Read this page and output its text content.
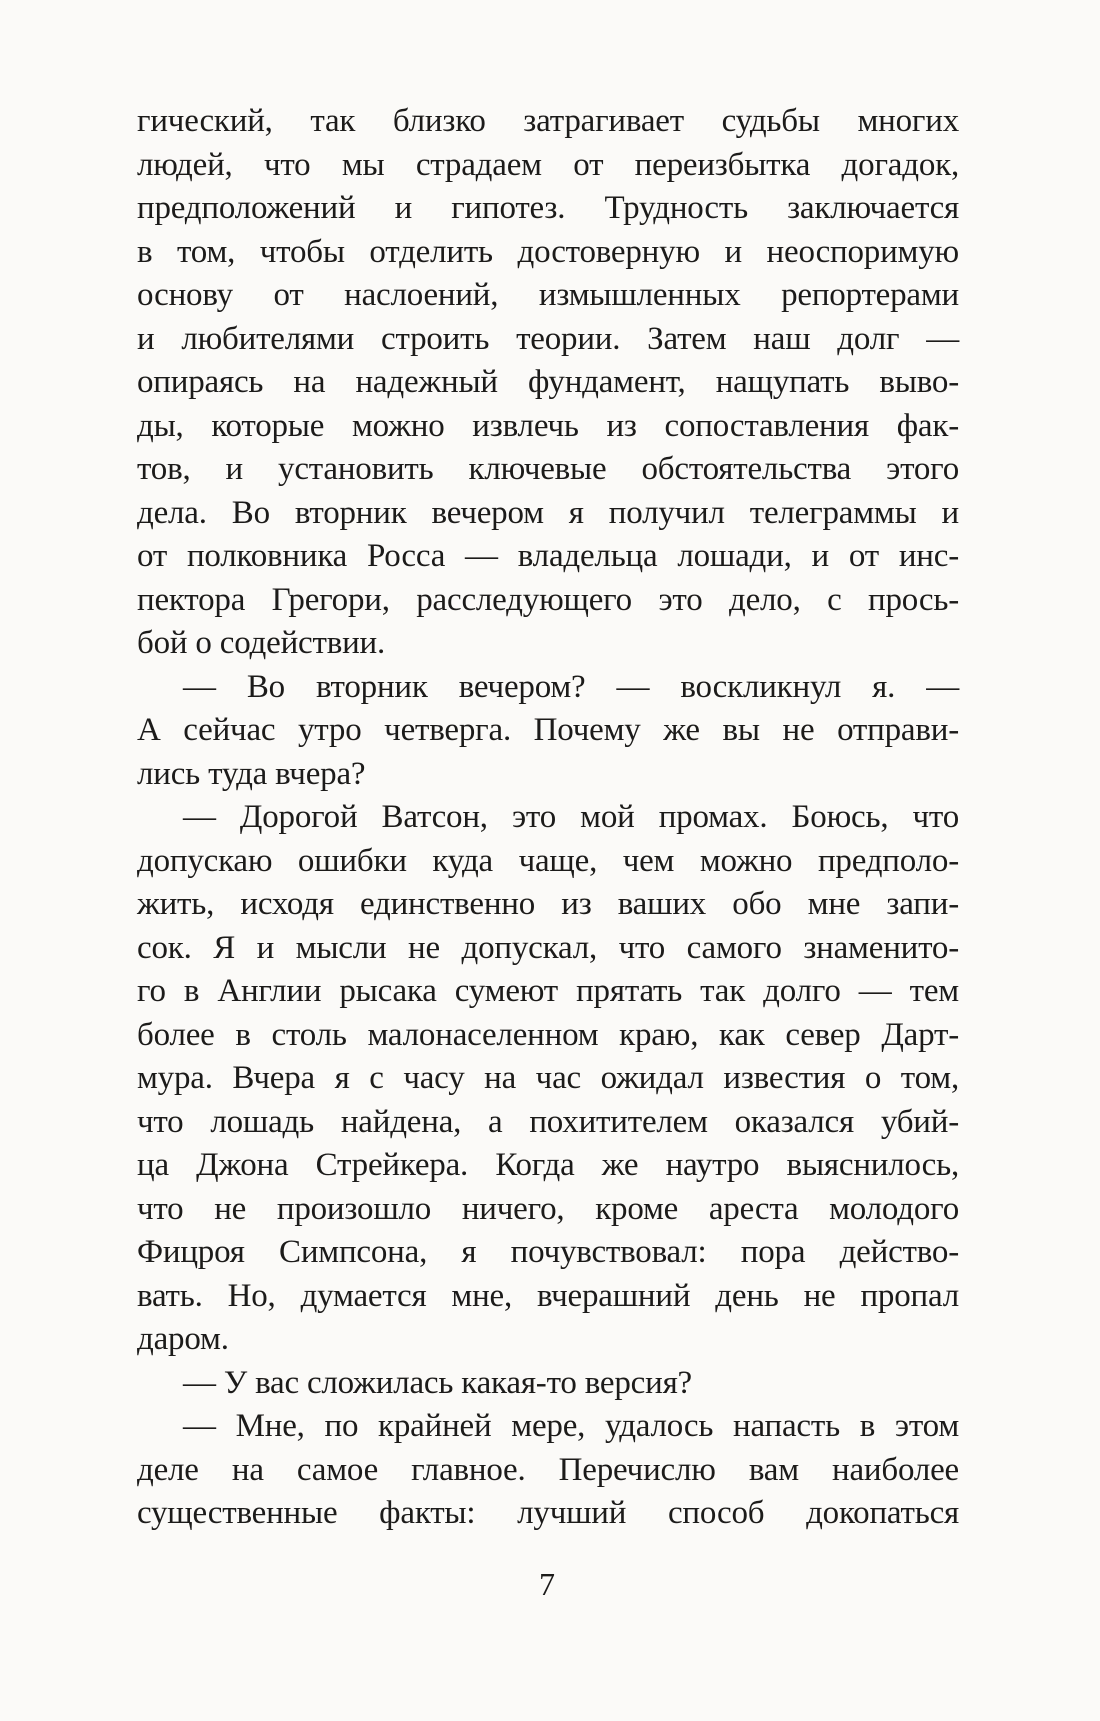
гический, так близко затрагивает судьбы многих
людей, что мы страдаем от переизбытка догадок,
предположений и гипотез. Трудность заключается
в том, чтобы отделить достоверную и неоспоримую
основу от наслоений, измышленных репортерами
и любителями строить теории. Затем наш долг —
опираясь на надежный фундамент, нащупать выво-
ды, которые можно извлечь из сопоставления фак-
тов, и установить ключевые обстоятельства этого
дела. Во вторник вечером я получил телеграммы и
от полковника Росса — владельца лошади, и от инс-
пектора Грегори, расследующего это дело, с прось-
бой о содействии.
— Во вторник вечером? — воскликнул я. —
А сейчас утро четверга. Почему же вы не отправи-
лись туда вчера?
— Дорогой Ватсон, это мой промах. Боюсь, что
допускаю ошибки куда чаще, чем можно предполо-
жить, исходя единственно из ваших обо мне запи-
сок. Я и мысли не допускал, что самого знаменито-
го в Англии рысака сумеют прятать так долго — тем
более в столь малонаселенном краю, как север Дарт-
мура. Вчера я с часу на час ожидал известия о том,
что лошадь найдена, а похитителем оказался убий-
ца Джона Стрейкера. Когда же наутро выяснилось,
что не произошло ничего, кроме ареста молодого
Фицроя Симпсона, я почувствовал: пора действо-
вать. Но, думается мне, вчерашний день не пропал
даром.
— У вас сложилась какая-то версия?
— Мне, по крайней мере, удалось напасть в этом
деле на самое главное. Перечислю вам наиболее
существенные факты: лучший способ докопаться
7
